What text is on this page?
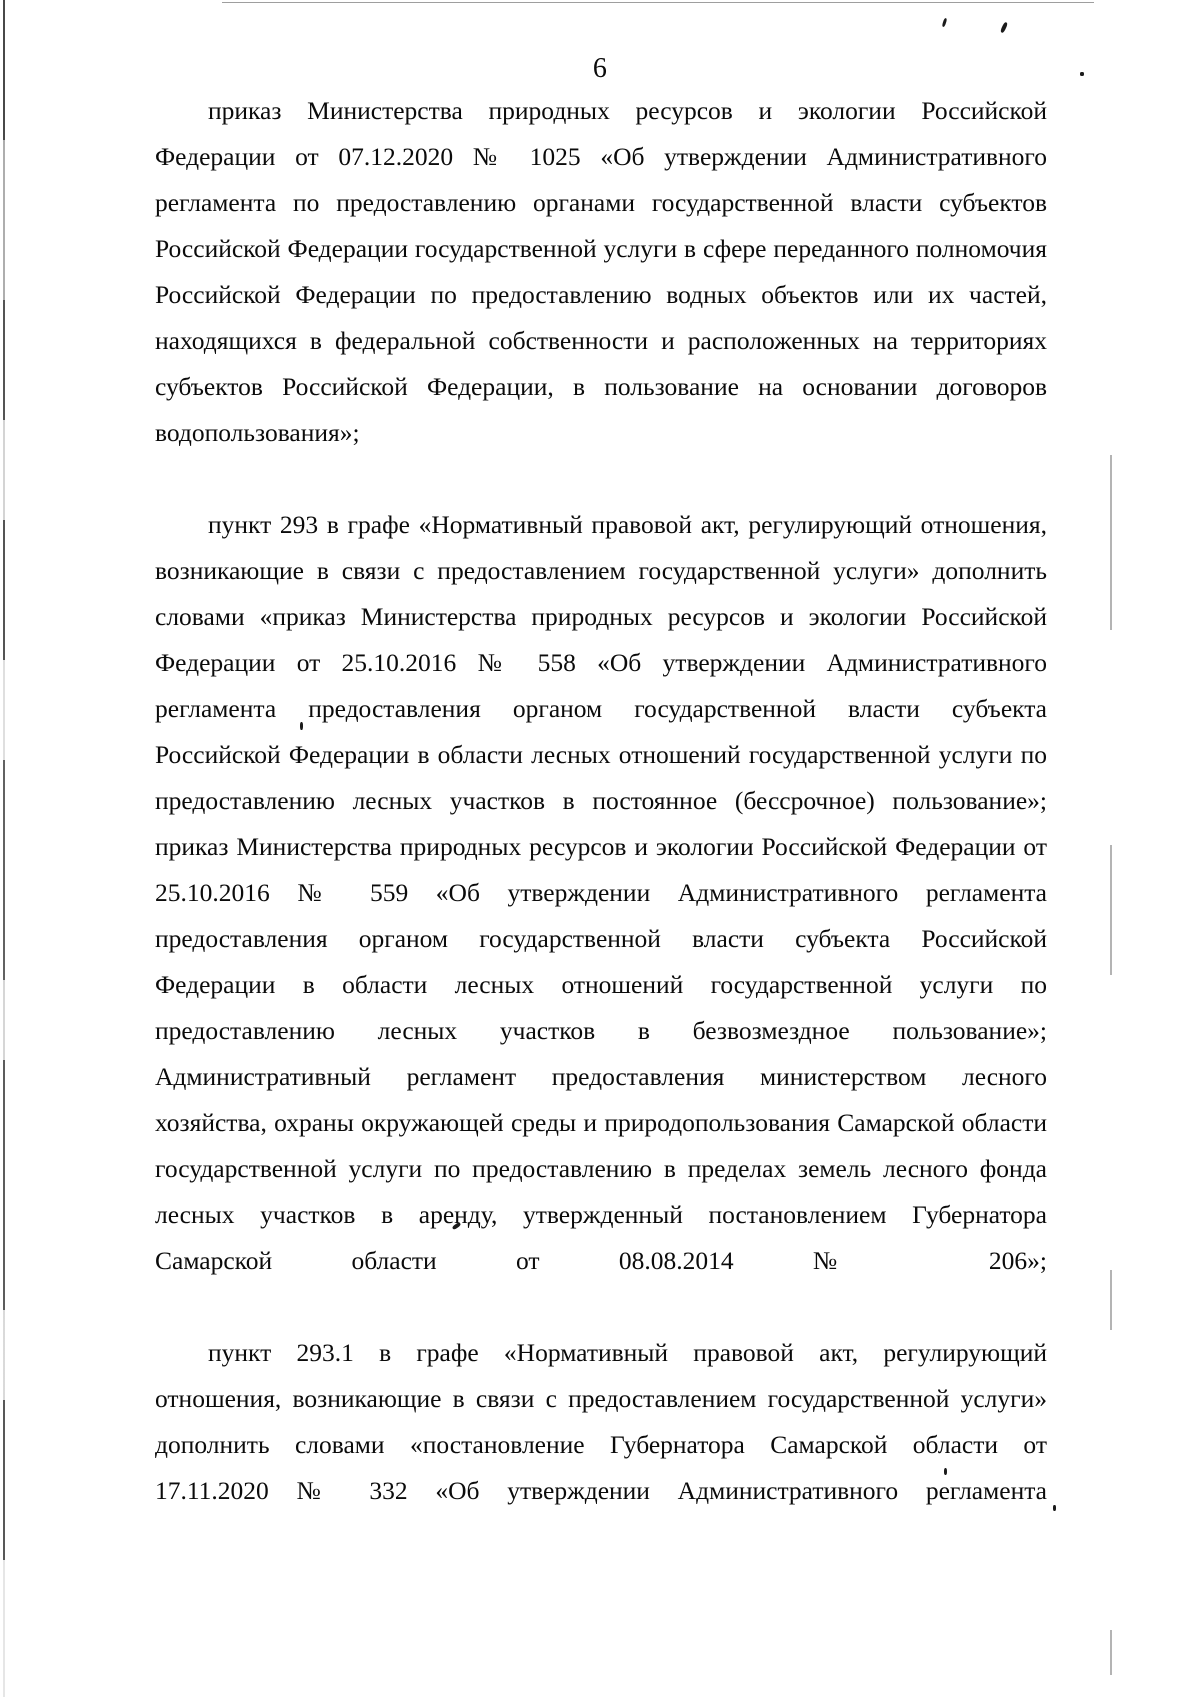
6

приказ Министерства природных ресурсов и экологии Российской Федерации от 07.12.2020 № 1025 «Об утверждении Административного регламента по предоставлению органами государственной власти субъектов Российской Федерации государственной услуги в сфере переданного полномочия Российской Федерации по предоставлению водных объектов или их частей, находящихся в федеральной собственности и расположенных на территориях субъектов Российской Федерации, в пользование на основании договоров водопользования»;

пункт 293 в графе «Нормативный правовой акт, регулирующий отношения, возникающие в связи с предоставлением государственной услуги» дополнить словами «приказ Министерства природных ресурсов и экологии Российской Федерации от 25.10.2016 № 558 «Об утверждении Административного регламента предоставления органом государственной власти субъекта Российской Федерации в области лесных отношений государственной услуги по предоставлению лесных участков в постоянное (бессрочное) пользование»; приказ Министерства природных ресурсов и экологии Российской Федерации от 25.10.2016 № 559 «Об утверждении Административного регламента предоставления органом государственной власти субъекта Российской Федерации в области лесных отношений государственной услуги по предоставлению лесных участков в безвозмездное пользование»; Административный регламент предоставления министерством лесного хозяйства, охраны окружающей среды и природопользования Самарской области государственной услуги по предоставлению в пределах земель лесного фонда лесных участков в аренду, утвержденный постановлением Губернатора Самарской области от 08.08.2014 № 206»;

пункт 293.1 в графе «Нормативный правовой акт, регулирующий отношения, возникающие в связи с предоставлением государственной услуги» дополнить словами «постановление Губернатора Самарской области от 17.11.2020 № 332 «Об утверждении Административного регламента
